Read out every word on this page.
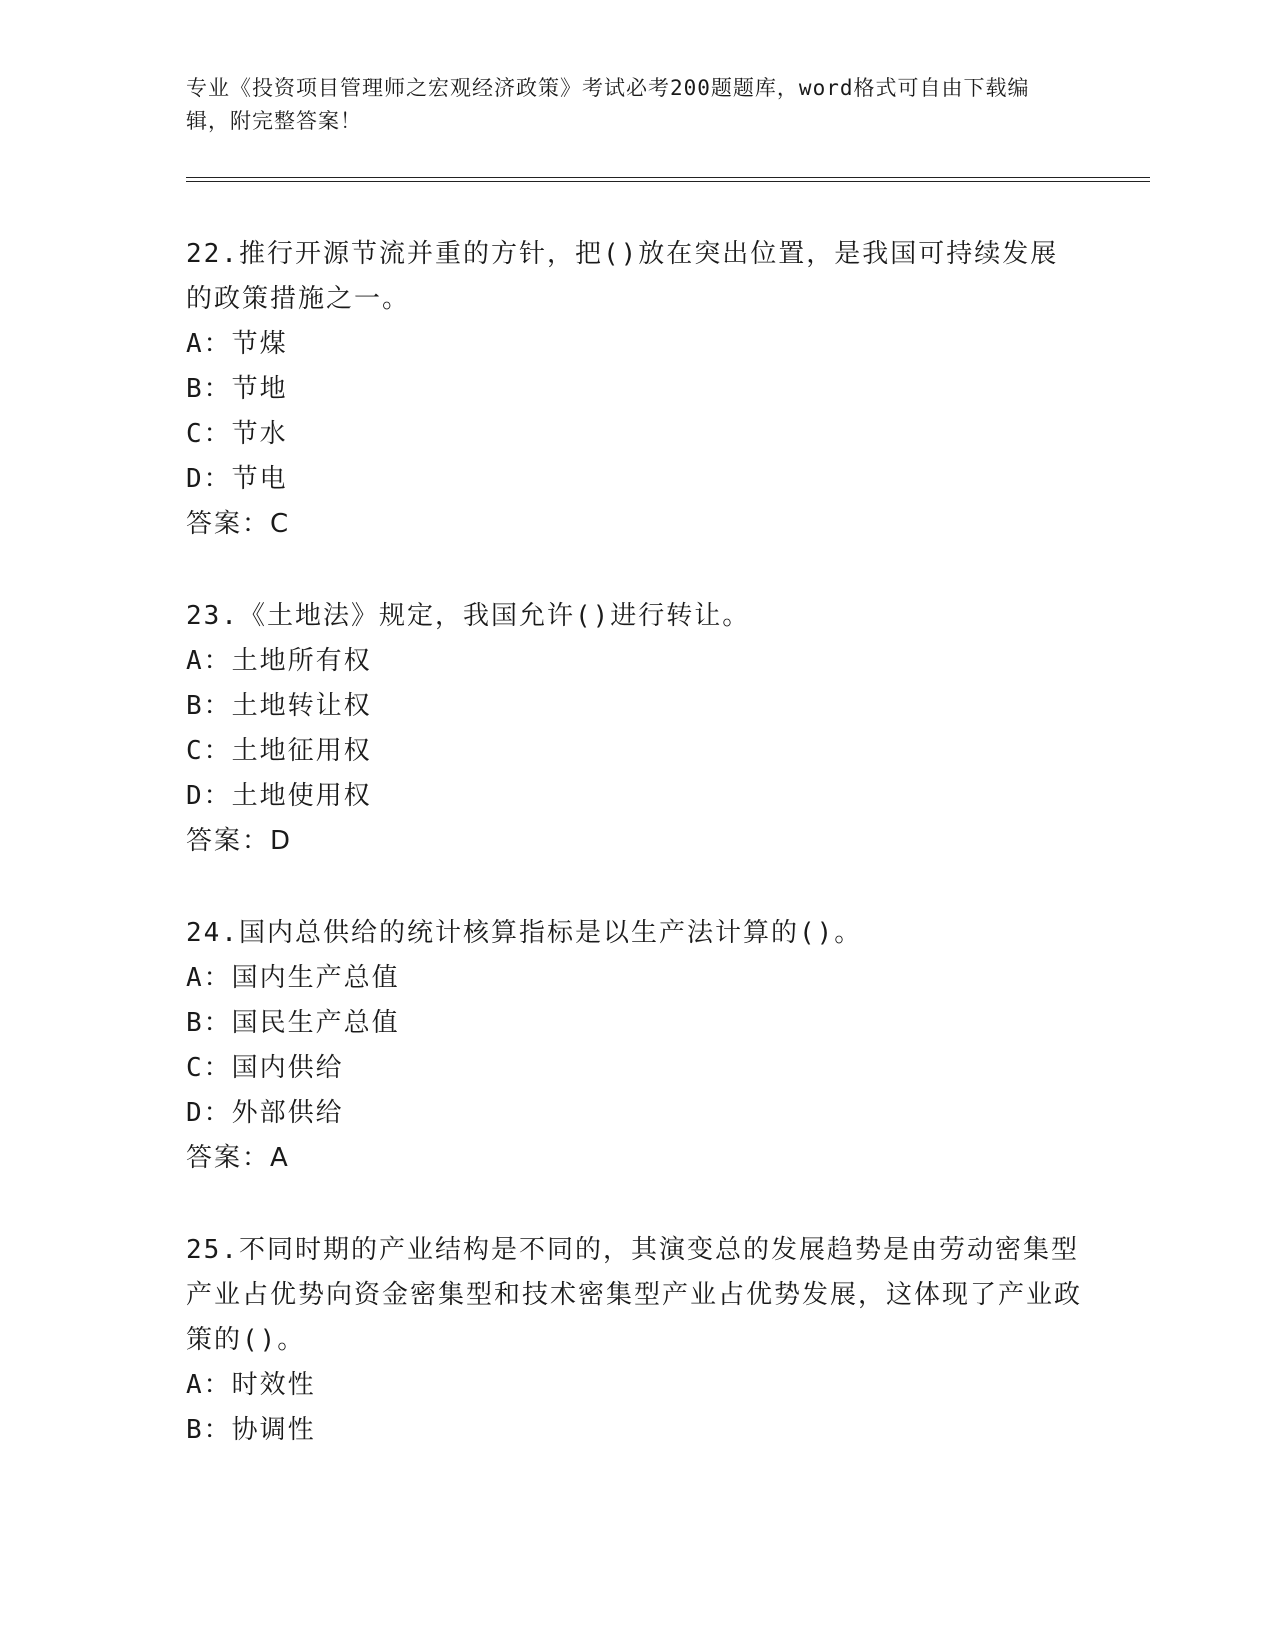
专业《投资项目管理师之宏观经济政策》考试必考200题题库，word格式可自由下载编辑，附完整答案！
22.推行开源节流并重的方针，把()放在突出位置，是我国可持续发展的政策措施之一。
A：节煤
B：节地
C：节水
D：节电
答案：C
23.《土地法》规定，我国允许()进行转让。
A：土地所有权
B：土地转让权
C：土地征用权
D：土地使用权
答案：D
24.国内总供给的统计核算指标是以生产法计算的()。
A：国内生产总值
B：国民生产总值
C：国内供给
D：外部供给
答案：A
25.不同时期的产业结构是不同的，其演变总的发展趋势是由劳动密集型产业占优势向资金密集型和技术密集型产业占优势发展，这体现了产业政策的()。
A：时效性
B：协调性
